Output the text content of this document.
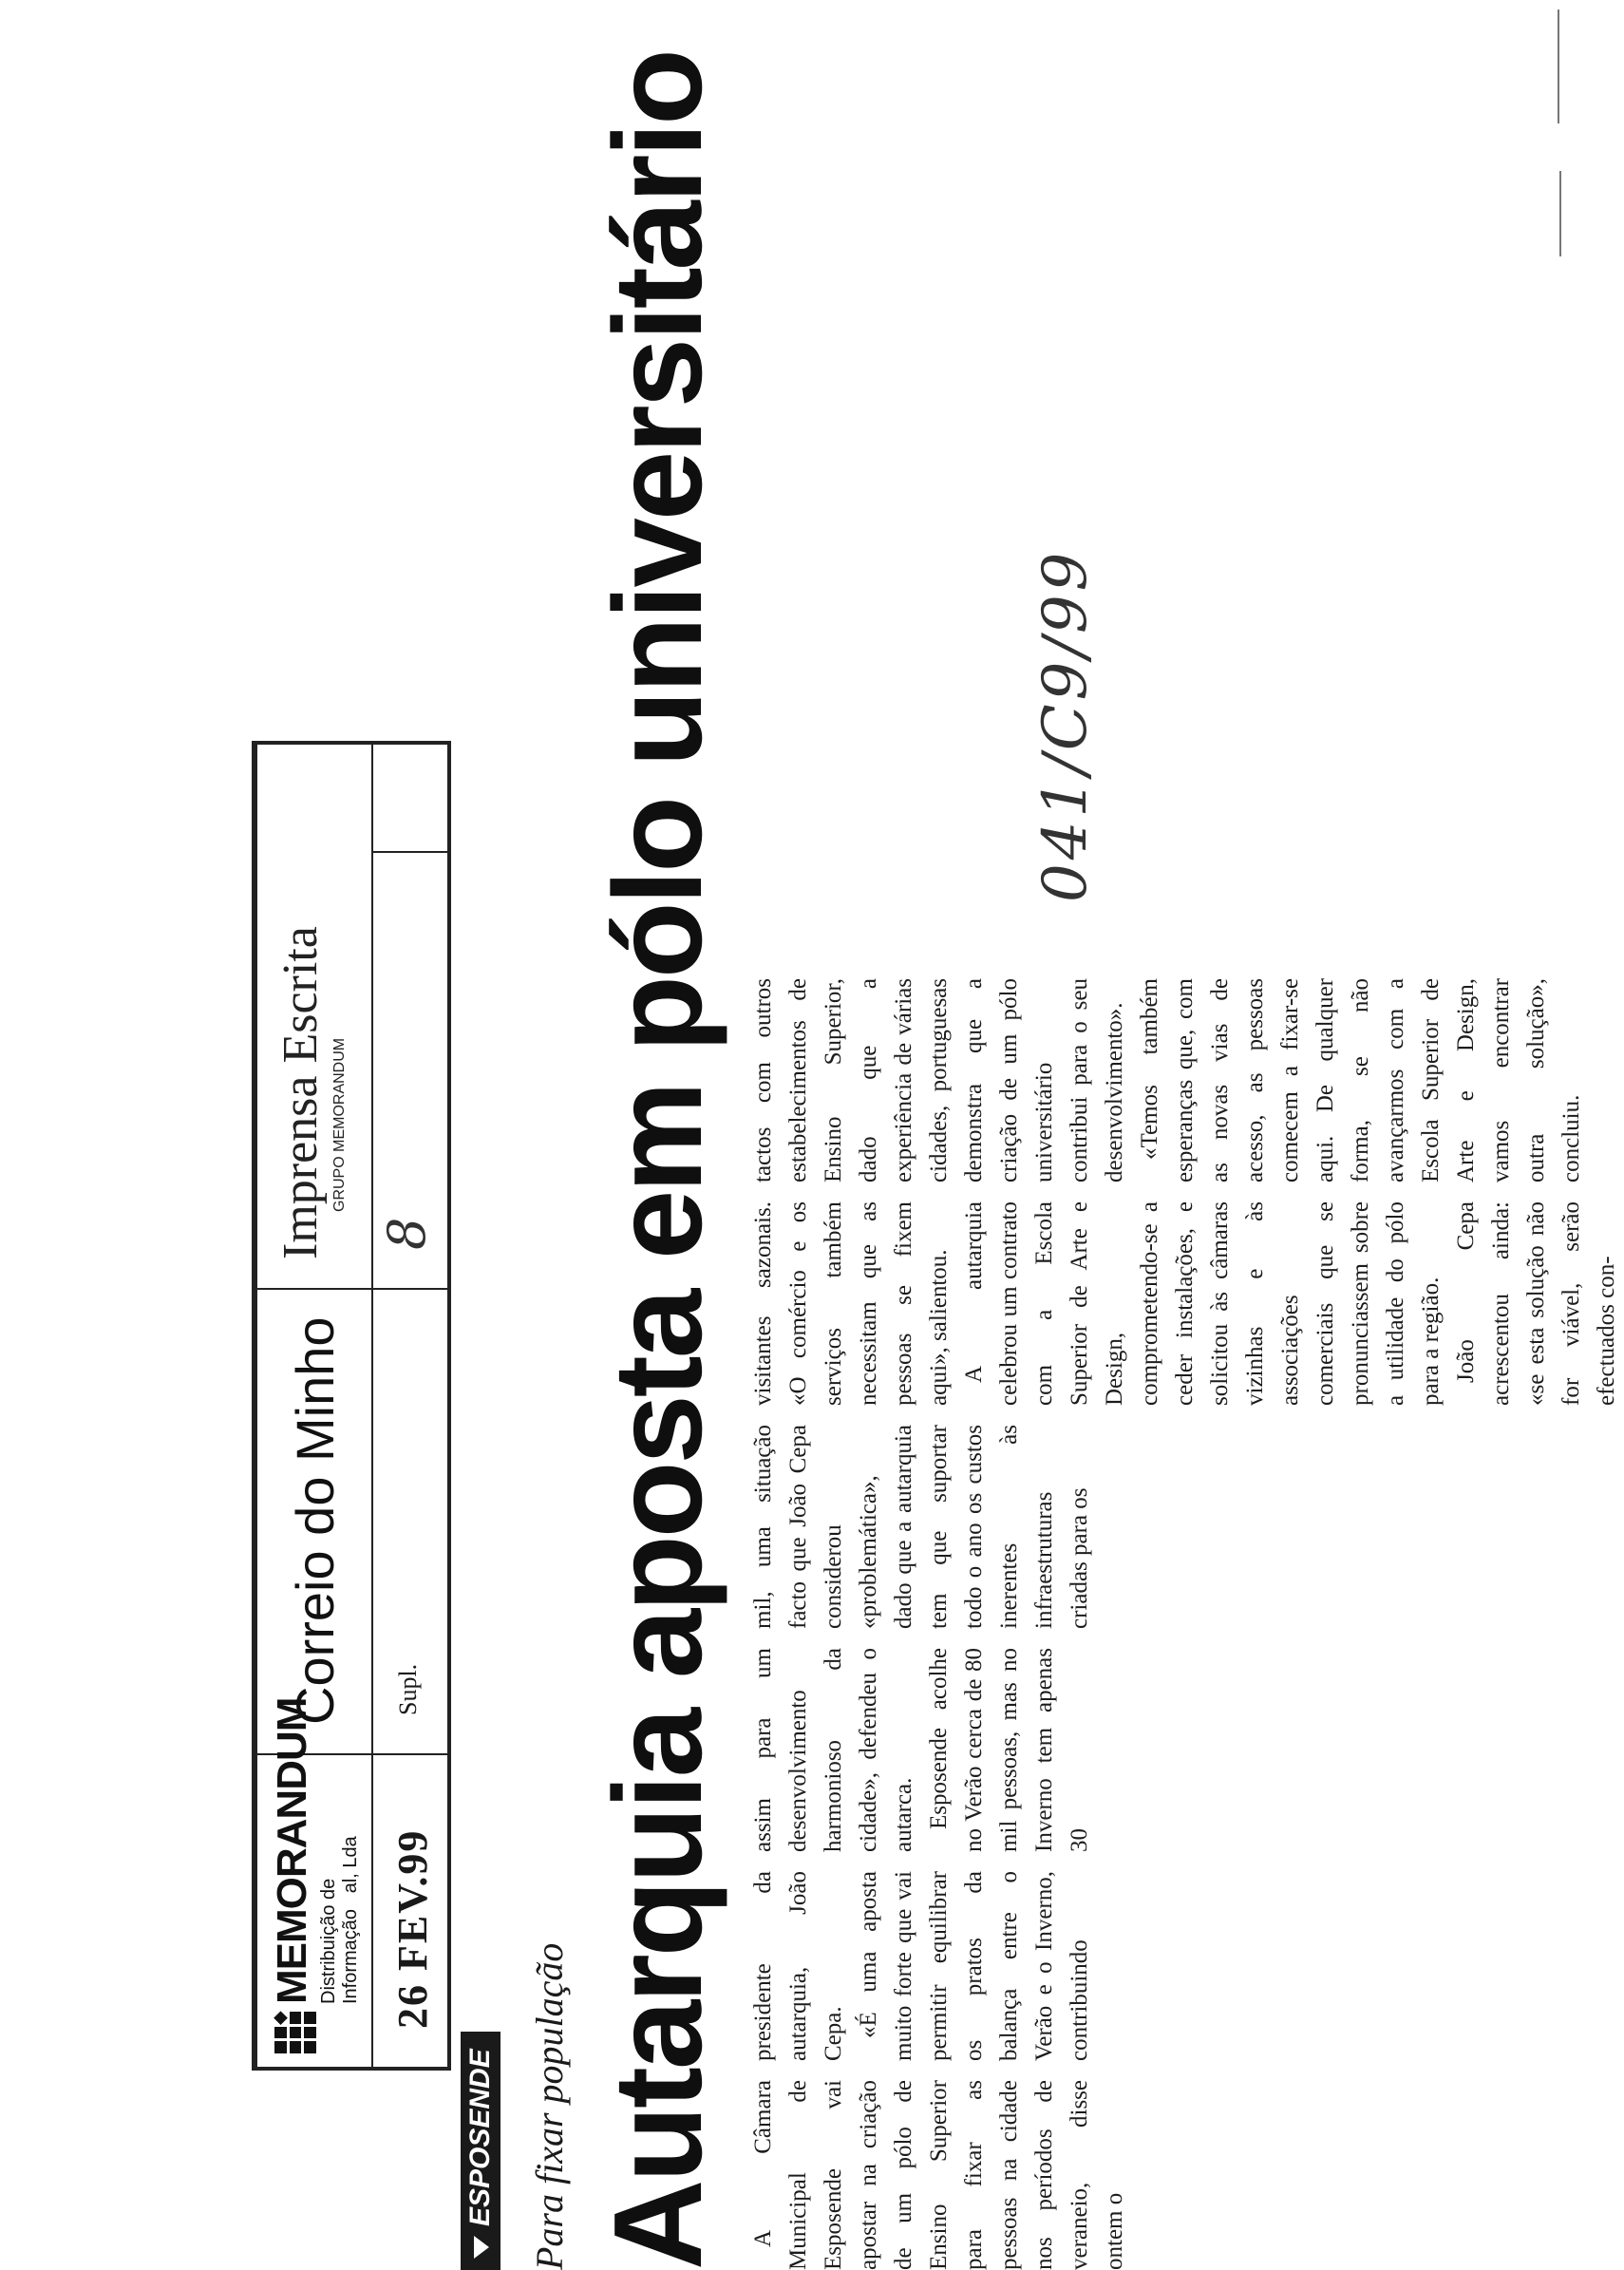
MEMORANDUM Distribuição de Informação   al, Lda
Correio do Minho
Imprensa Escrita GRUPO MEMORANDUM
26 FEV.99
Supl.
8
ESPOSENDE Para fixar população Autarquia aposta em pólo universitário A Câmara Municipal de Esposende vai apostar na criação de um pólo de Ensino Superior para fixar as pessoas na cidade nos períodos de veraneio, disse ontem o

presidente da autarquia, João Cepa. «É uma aposta muito forte que vai permitir equilibrar os pratos da balança entre o Verão e o Inverno, contribuindo

assim para um desenvolvimento harmonioso da cidade», defendeu o autarca. Esposende acolhe no Verão cerca de 80 mil pessoas, mas no Inverno tem apenas 30

mil, uma situação facto que João Cepa considerou «problemática», dado que a autarquia tem que suportar todo o ano os custos inerentes às infraestruturas criadas para os

visitantes sazonais. «O comércio e os serviços também necessitam que as pessoas se fixem aqui», salientou. A autarquia celebrou um contrato com a Escola Superior de Arte e Design, comprometendo-se a ceder instalações, e solicitou às câmaras vizinhas e às associações comerciais que se pronunciassem sobre a utilidade do pólo para a região. João Cepa acrescentou ainda: «se esta solução não for viável, serão efectuados con-

tactos com outros estabelecimentos de Ensino Superior, dado que a experiência de várias cidades, portuguesas demonstra que a criação de um pólo universitário contribui para o seu desenvolvimento». «Temos também esperanças que, com as novas vias de acesso, as pessoas comecem a fixar-se aqui. De qualquer forma, se não avançarmos com a Escola Superior de Arte e Design, vamos encontrar outra solução», concluiu.

041/C9/99
